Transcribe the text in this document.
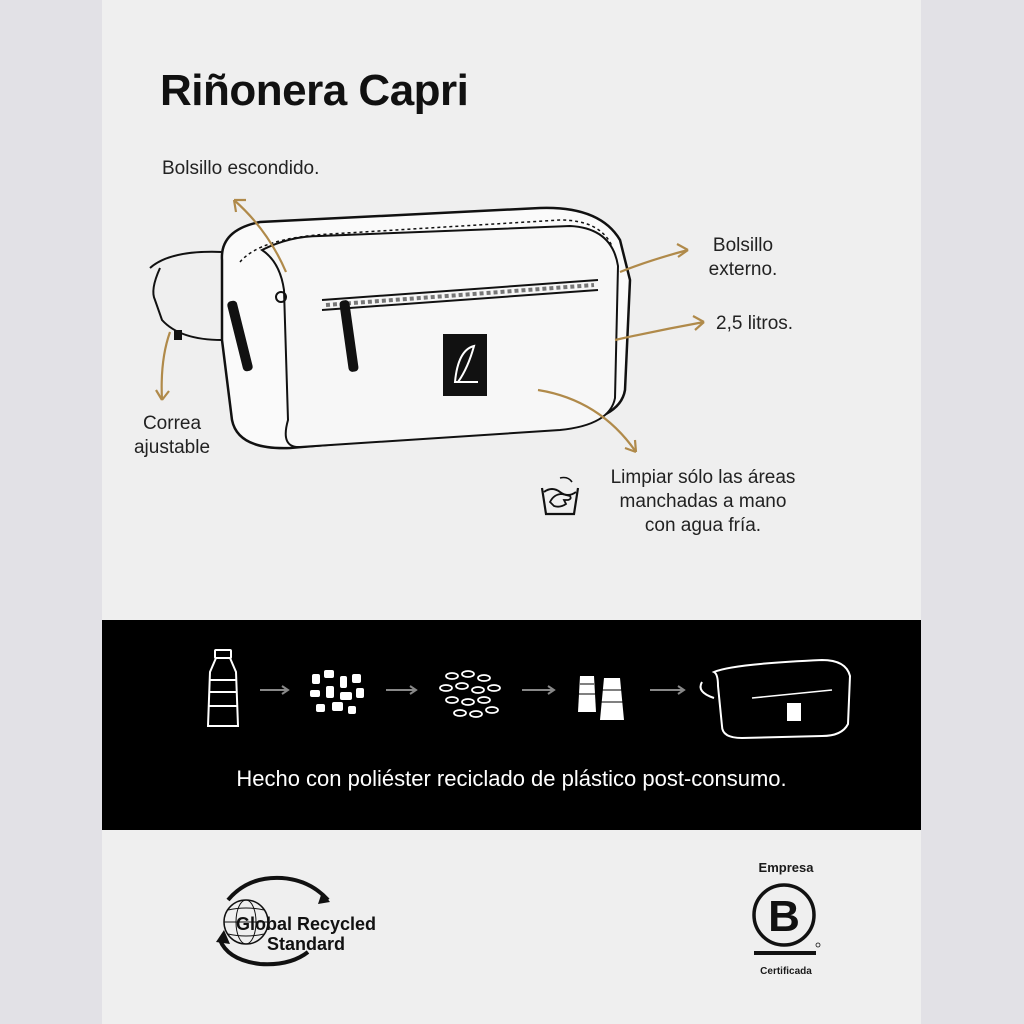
Riñonera Capri
Bolsillo escondido.
Bolsillo
externo.
2,5 litros.
Correa
ajustable
Limpiar sólo las áreas
manchadas a mano
con agua fría.
Hecho con poliéster reciclado de plástico post-consumo.
Global Recycled
Standard
Empresa
B
Certificada
